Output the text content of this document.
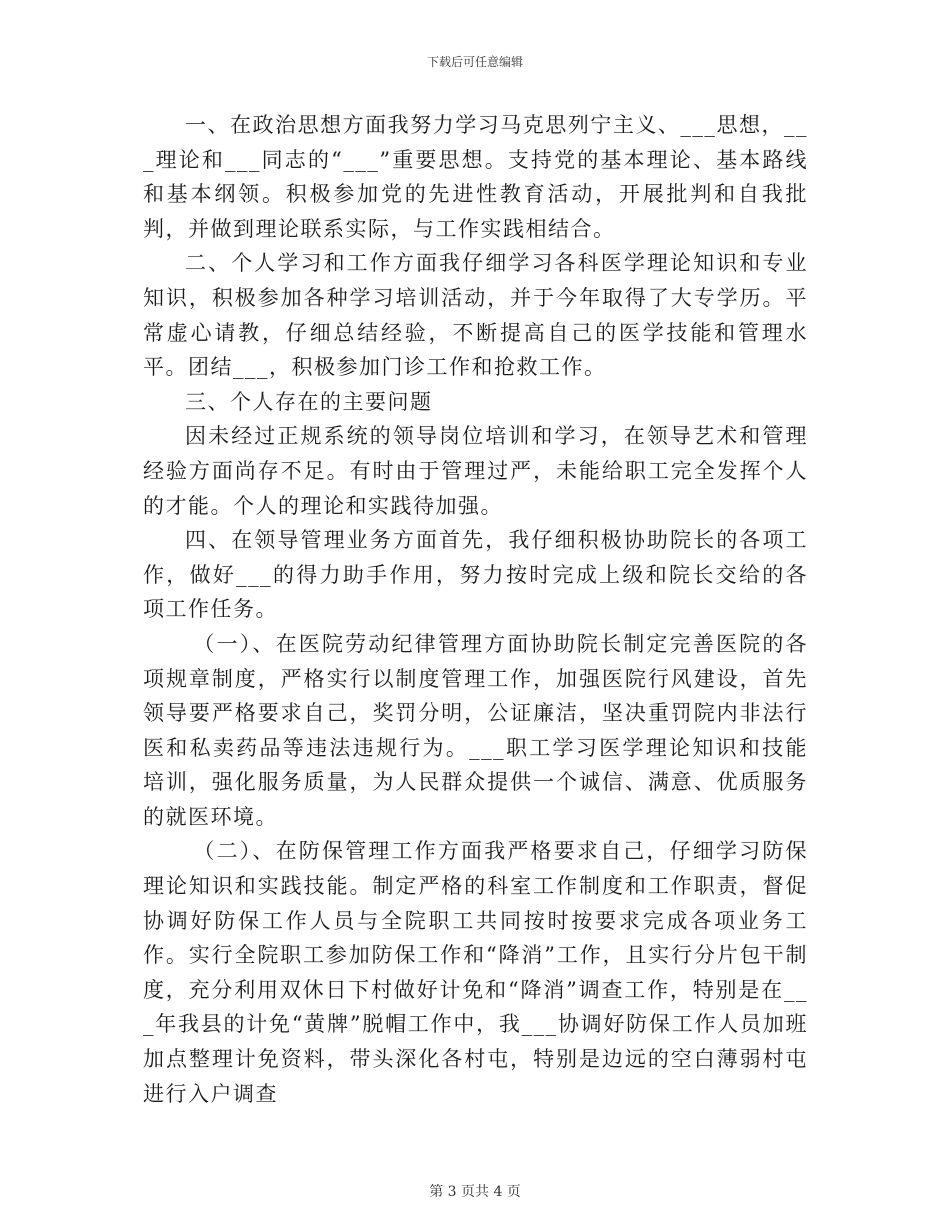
下载后可任意编辑

一、在政治思想方面我努力学习马克思列宁主义、___思想，___理论和___同志的“___”重要思想。支持党的基本理论、基本路线和基本纲领。积极参加党的先进性教育活动，开展批判和自我批判，并做到理论联系实际，与工作实践相结合。

二、个人学习和工作方面我仔细学习各科医学理论知识和专业知识，积极参加各种学习培训活动，并于今年取得了大专学历。平常虚心请教，仔细总结经验，不断提高自己的医学技能和管理水平。团结___，积极参加门诊工作和抢救工作。

三、个人存在的主要问题

因未经过正规系统的领导岗位培训和学习，在领导艺术和管理经验方面尚存不足。有时由于管理过严，未能给职工完全发挥个人的才能。个人的理论和实践待加强。

四、在领导管理业务方面首先，我仔细积极协助院长的各项工作，做好___的得力助手作用，努力按时完成上级和院长交给的各项工作任务。

（一）、在医院劳动纪律管理方面协助院长制定完善医院的各项规章制度，严格实行以制度管理工作，加强医院行风建设，首先领导要严格要求自己，奖罚分明，公证廉洁，坚决重罚院内非法行医和私卖药品等违法违规行为。___职工学习医学理论知识和技能培训，强化服务质量，为人民群众提供一个诚信、满意、优质服务的就医环境。

（二）、在防保管理工作方面我严格要求自己，仔细学习防保理论知识和实践技能。制定严格的科室工作制度和工作职责，督促协调好防保工作人员与全院职工共同按时按要求完成各项业务工作。实行全院职工参加防保工作和“降消”工作，且实行分片包干制度，充分利用双休日下村做好计免和“降消”调查工作，特别是在___年我县的计免“黄牌”脱帽工作中，我___协调好防保工作人员加班加点整理计免资料，带头深化各村屯，特别是边远的空白薄弱村屯进行入户调查

第 3 页共 4 页
